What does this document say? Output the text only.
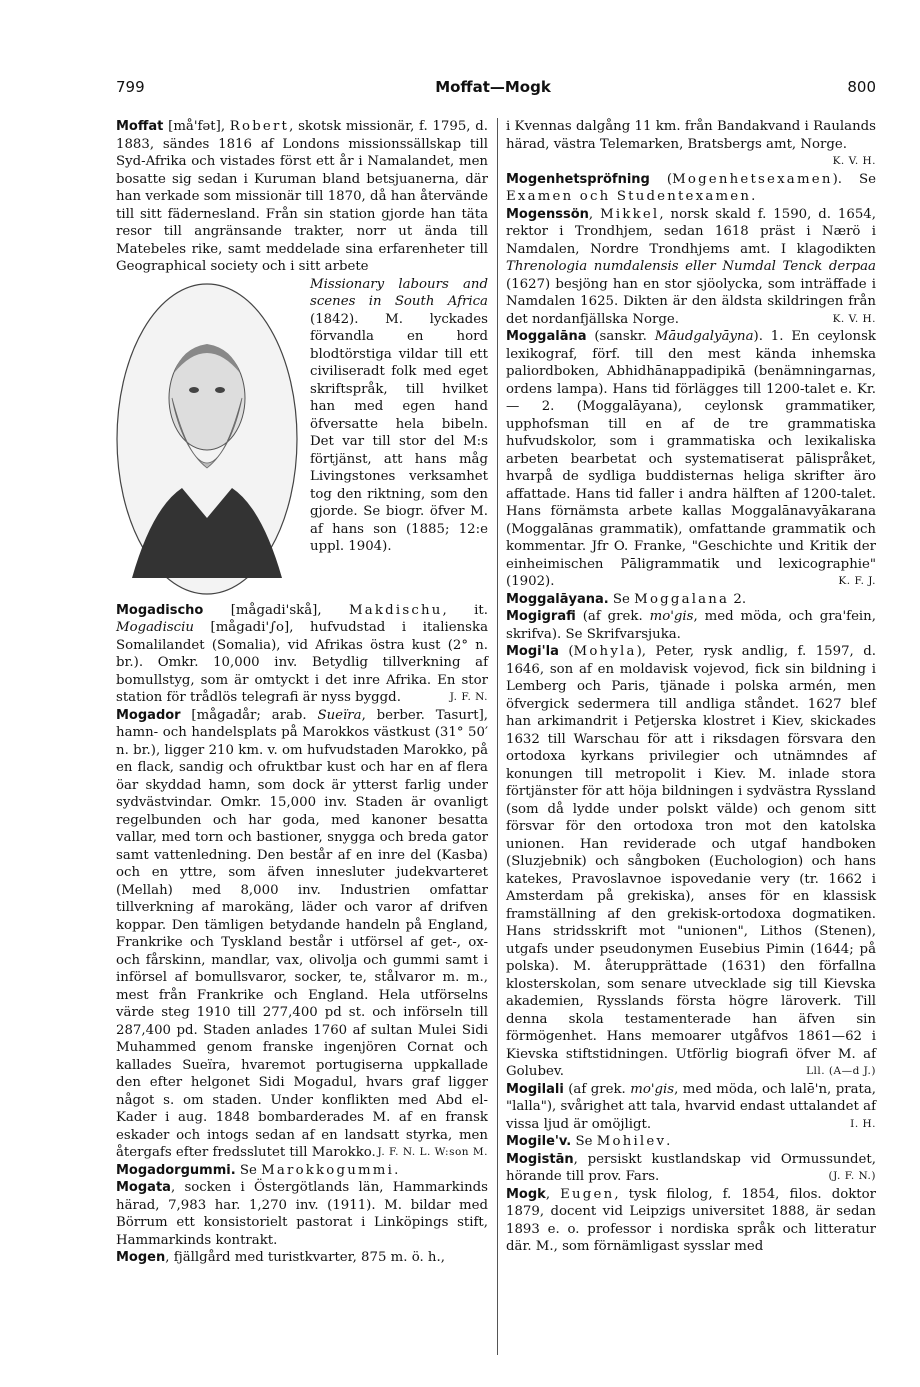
799	Moffat—Mogk	800

Moffat [må'fət], Robert, skotsk missionär, f. 1795, d. 1883, sändes 1816 af Londons missionssällskap till Syd-Afrika och vistades först ett år i Namalandet, men bosatte sig sedan i Kuruman bland betsjuanerna, där han verkade som missionär till 1870, då han återvände till sitt fädernesland. Från sin station gjorde han täta resor till angränsande trakter, norr ut ända till Matebeles rike, samt meddelade sina erfarenheter till Geographical society och i sitt arbete

Missionary labours and scenes in South Africa (1842). M. lyckades förvandla en hord blodtörstiga vildar till ett civiliseradt folk med eget skriftspråk, till hvilket han med egen hand öfversatte hela bibeln. Det var till stor del M:s förtjänst, att hans måg Livingstones verksamhet tog den riktning, som den gjorde. Se biogr. öfver M. af hans son (1885; 12:e uppl. 1904).

Mogadischo [mågadi'skå], Makdischu, it. Mogadisciu [mågadi'∫o], hufvudstad i italienska Somalilandet (Somalia), vid Afrikas östra kust (2° n. br.). Omkr. 10,000 inv. Betydlig tillverkning af bomullstyg, som är omtyckt i det inre Afrika. En stor station för trådlös telegrafi är nyss byggd.	J. F. N.

Mogador [mågadår; arab. Sueïra, berber. Tasurt], hamn- och handelsplats på Marokkos västkust (31° 50′ n. br.), ligger 210 km. v. om hufvudstaden Marokko, på en flack, sandig och ofruktbar kust och har en af flera öar skyddad hamn, som dock är ytterst farlig under sydvästvindar. Omkr. 15,000 inv. Staden är ovanligt regelbunden och har goda, med kanoner besatta vallar, med torn och bastioner, snygga och breda gator samt vattenledning. Den består af en inre del (Kasba) och en yttre, som äfven innesluter judekvarteret (Mellah) med 8,000 inv. Industrien omfattar tillverkning af marokäng, läder och varor af drifven koppar. Den tämligen betydande handeln på England, Frankrike och Tyskland består i utförsel af get-, ox- och fårskinn, mandlar, vax, olivolja och gummi samt i införsel af bomullsvaror, socker, te, stålvaror m. m., mest från Frankrike och England. Hela utförselns värde steg 1910 till 277,400 pd st. och införseln till 287,400 pd. Staden anlades 1760 af sultan Mulei Sidi Muhammed genom franske ingenjören Cornat och kallades Sueïra, hvaremot portugiserna uppkallade den efter helgonet Sidi Mogadul, hvars graf ligger något s. om staden. Under konflikten med Abd el-Kader i aug. 1848 bombarderades M. af en fransk eskader och intogs sedan af en landsatt styrka, men återgafs efter fredsslutet till Marokko. J. F. N. L. W:son M.

Mogadorgummi. Se Marokkogummi.

Mogata, socken i Östergötlands län, Hammarkinds härad, 7,983 har. 1,270 inv. (1911). M. bildar med Börrum ett konsistorielt pastorat i Linköpings stift, Hammarkinds kontrakt.

Mogen, fjällgård med turistkvarter, 875 m. ö. h.,

i Kvennas dalgång 11 km. från Bandakvand i Raulands härad, västra Telemarken, Bratsbergs amt, Norge.
K. V. H.

Mogenhetspröfning (Mogenhetsexamen). Se Examen och Studentexamen.

Mogenssön, Mikkel, norsk skald f. 1590, d. 1654, rektor i Trondhjem, sedan 1618 präst i Nærö i Namdalen, Nordre Trondhjems amt. I klagodikten Threnologia numdalensis eller Numdal Tenck derpaa (1627) besjöng han en stor sjöolycka, som inträffade i Namdalen 1625. Dikten är den äldsta skildringen från det nordanfjällska Norge.	K. V. H.

Moggalāna (sanskr. Māudgalyāyna). 1. En ceylonsk lexikograf, förf. till den mest kända inhemska paliordboken, Abhidhānappadipikā (benämningarnas, ordens lampa). Hans tid förlägges till 1200-talet e. Kr. — 2. (Moggalāyana), ceylonsk grammatiker, upphofsman till en af de tre grammatiska hufvudskolor, som i grammatiska och lexikaliska arbeten bearbetat och systematiserat pālispråket, hvarpå de sydliga buddisternas heliga skrifter äro affattade. Hans tid faller i andra hälften af 1200-talet. Hans förnämsta arbete kallas Moggalānavyākarana (Moggalānas grammatik), omfattande grammatik och kommentar. Jfr O. Franke, "Geschichte und Kritik der einheimischen Pāligrammatik und lexicographie" (1902).	K. F. J.

Moggalāyana. Se Moggalana 2.

Mogigrafi (af grek. mo'gis, med möda, och gra'fein, skrifva). Se Skrifvarsjuka.

Mogi'la (Mohyla), Peter, rysk andlig, f. 1597, d. 1646, son af en moldavisk vojevod, fick sin bildning i Lemberg och Paris, tjänade i polska armén, men öfvergick sedermera till andliga ståndet. 1627 blef han arkimandrit i Petjerska klostret i Kiev, skickades 1632 till Warschau för att i riksdagen försvara den ortodoxa kyrkans privilegier och utnämndes af konungen till metropolit i Kiev. M. inlade stora förtjänster för att höja bildningen i sydvästra Ryssland (som då lydde under polskt välde) och genom sitt försvar för den ortodoxa tron mot den katolska unionen. Han reviderade och utgaf handboken (Sluzjebnik) och sångboken (Euchologion) och hans katekes, Pravoslavnoe ispovedanie very (tr. 1662 i Amsterdam på grekiska), anses för en klassisk framställning af den grekisk-ortodoxa dogmatiken. Hans stridsskrift mot "unionen", Lithos (Stenen), utgafs under pseudonymen Eusebius Pimin (1644; på polska). M. återupprättade (1631) den förfallna klosterskolan, som senare utvecklade sig till Kievska akademien, Rysslands första högre läroverk. Till denna skola testamenterade han äfven sin förmögenhet. Hans memoarer utgåfvos 1861—62 i Kievska stiftstidningen. Utförlig biografi öfver M. af Golubev.	Lll. (A—d J.)

Mogilali (af grek. mo'gis, med möda, och lalē'n, prata, "lalla"), svårighet att tala, hvarvid endast uttalandet af vissa ljud är omöjligt.	I. H.

Mogile'v. Se Mohilev.

Mogistān, persiskt kustlandskap vid Ormussundet, hörande till prov. Fars.	(J. F. N.)

Mogk, Eugen, tysk filolog, f. 1854, filos. doktor 1879, docent vid Leipzigs universitet 1888, är sedan 1893 e. o. professor i nordiska språk och litteratur där. M., som förnämligast sysslar med
